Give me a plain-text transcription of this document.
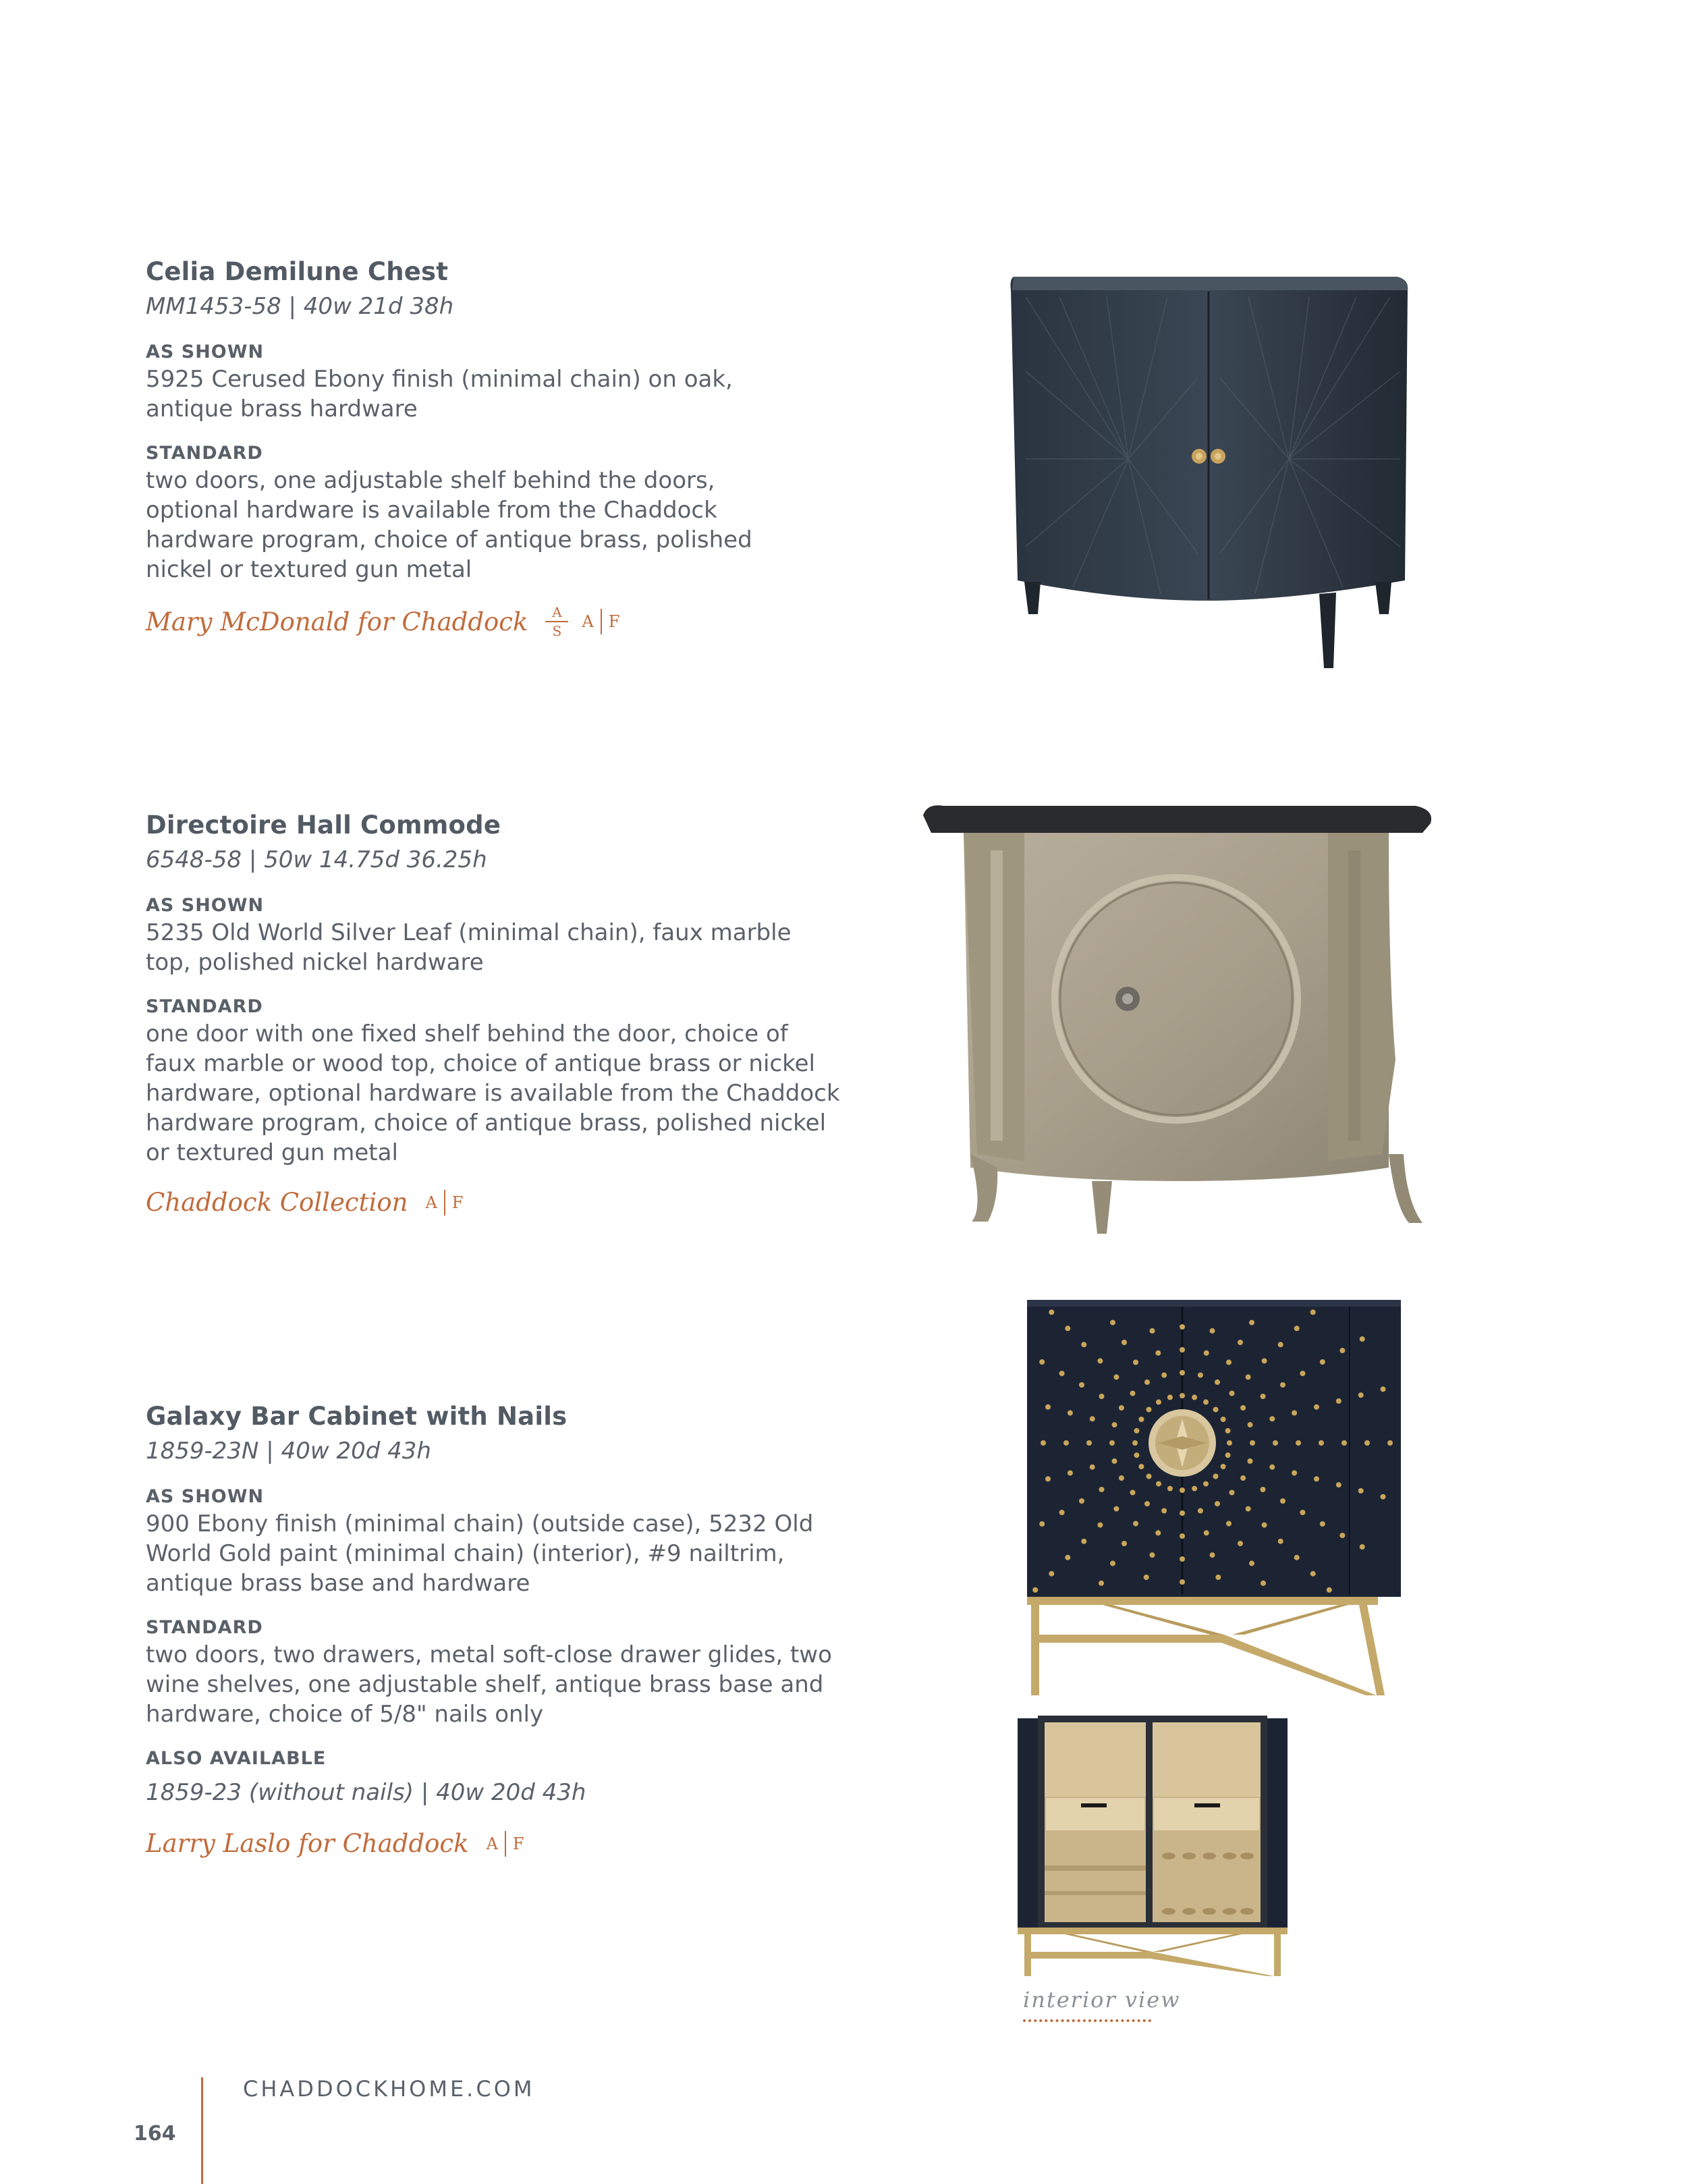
Celia Demilune Chest
MM1453-58 | 40w 21d 38h
AS SHOWN

5925 Cerused Ebony finish (minimal chain) on oak, antique brass hardware

STANDARD

two doors, one adjustable shelf behind the doors, optional hardware is available from the Chaddock hardware program, choice of antique brass, polished nickel or textured gun metal

Mary McDonald for Chaddock $\frac{A}{S}$ A F
Directoire Hall Commode
6548-58 | 50w 14.75d 36.25h
AS SHOWN

5235 Old World Silver Leaf (minimal chain), faux marble top, polished nickel hardware

STANDARD

one door with one fixed shelf behind the door, choice of faux marble or wood top, choice of antique brass or nickel hardware, optional hardware is available from the Chaddock hardware program, choice of antique brass, polished nickel or textured gun metal

Chaddock Collection A F
Galaxy Bar Cabinet with Nails
1859-23N | 40w 20d 43h
AS SHOWN

900 Ebony finish (minimal chain) (outside case), 5232 Old World Gold paint (minimal chain) (interior), #9 nailtrim, antique brass base and hardware

STANDARD

two doors, two drawers, metal soft-close drawer glides, two wine shelves, one adjustable shelf, antique brass base and hardware, choice of 5/8" nails only

ALSO AVAILABLE
1859-23 (without nails) | 40w 20d 43h
Larry Laslo for Chaddock A F
interior view
CHADDOCKHOME.COM
164
